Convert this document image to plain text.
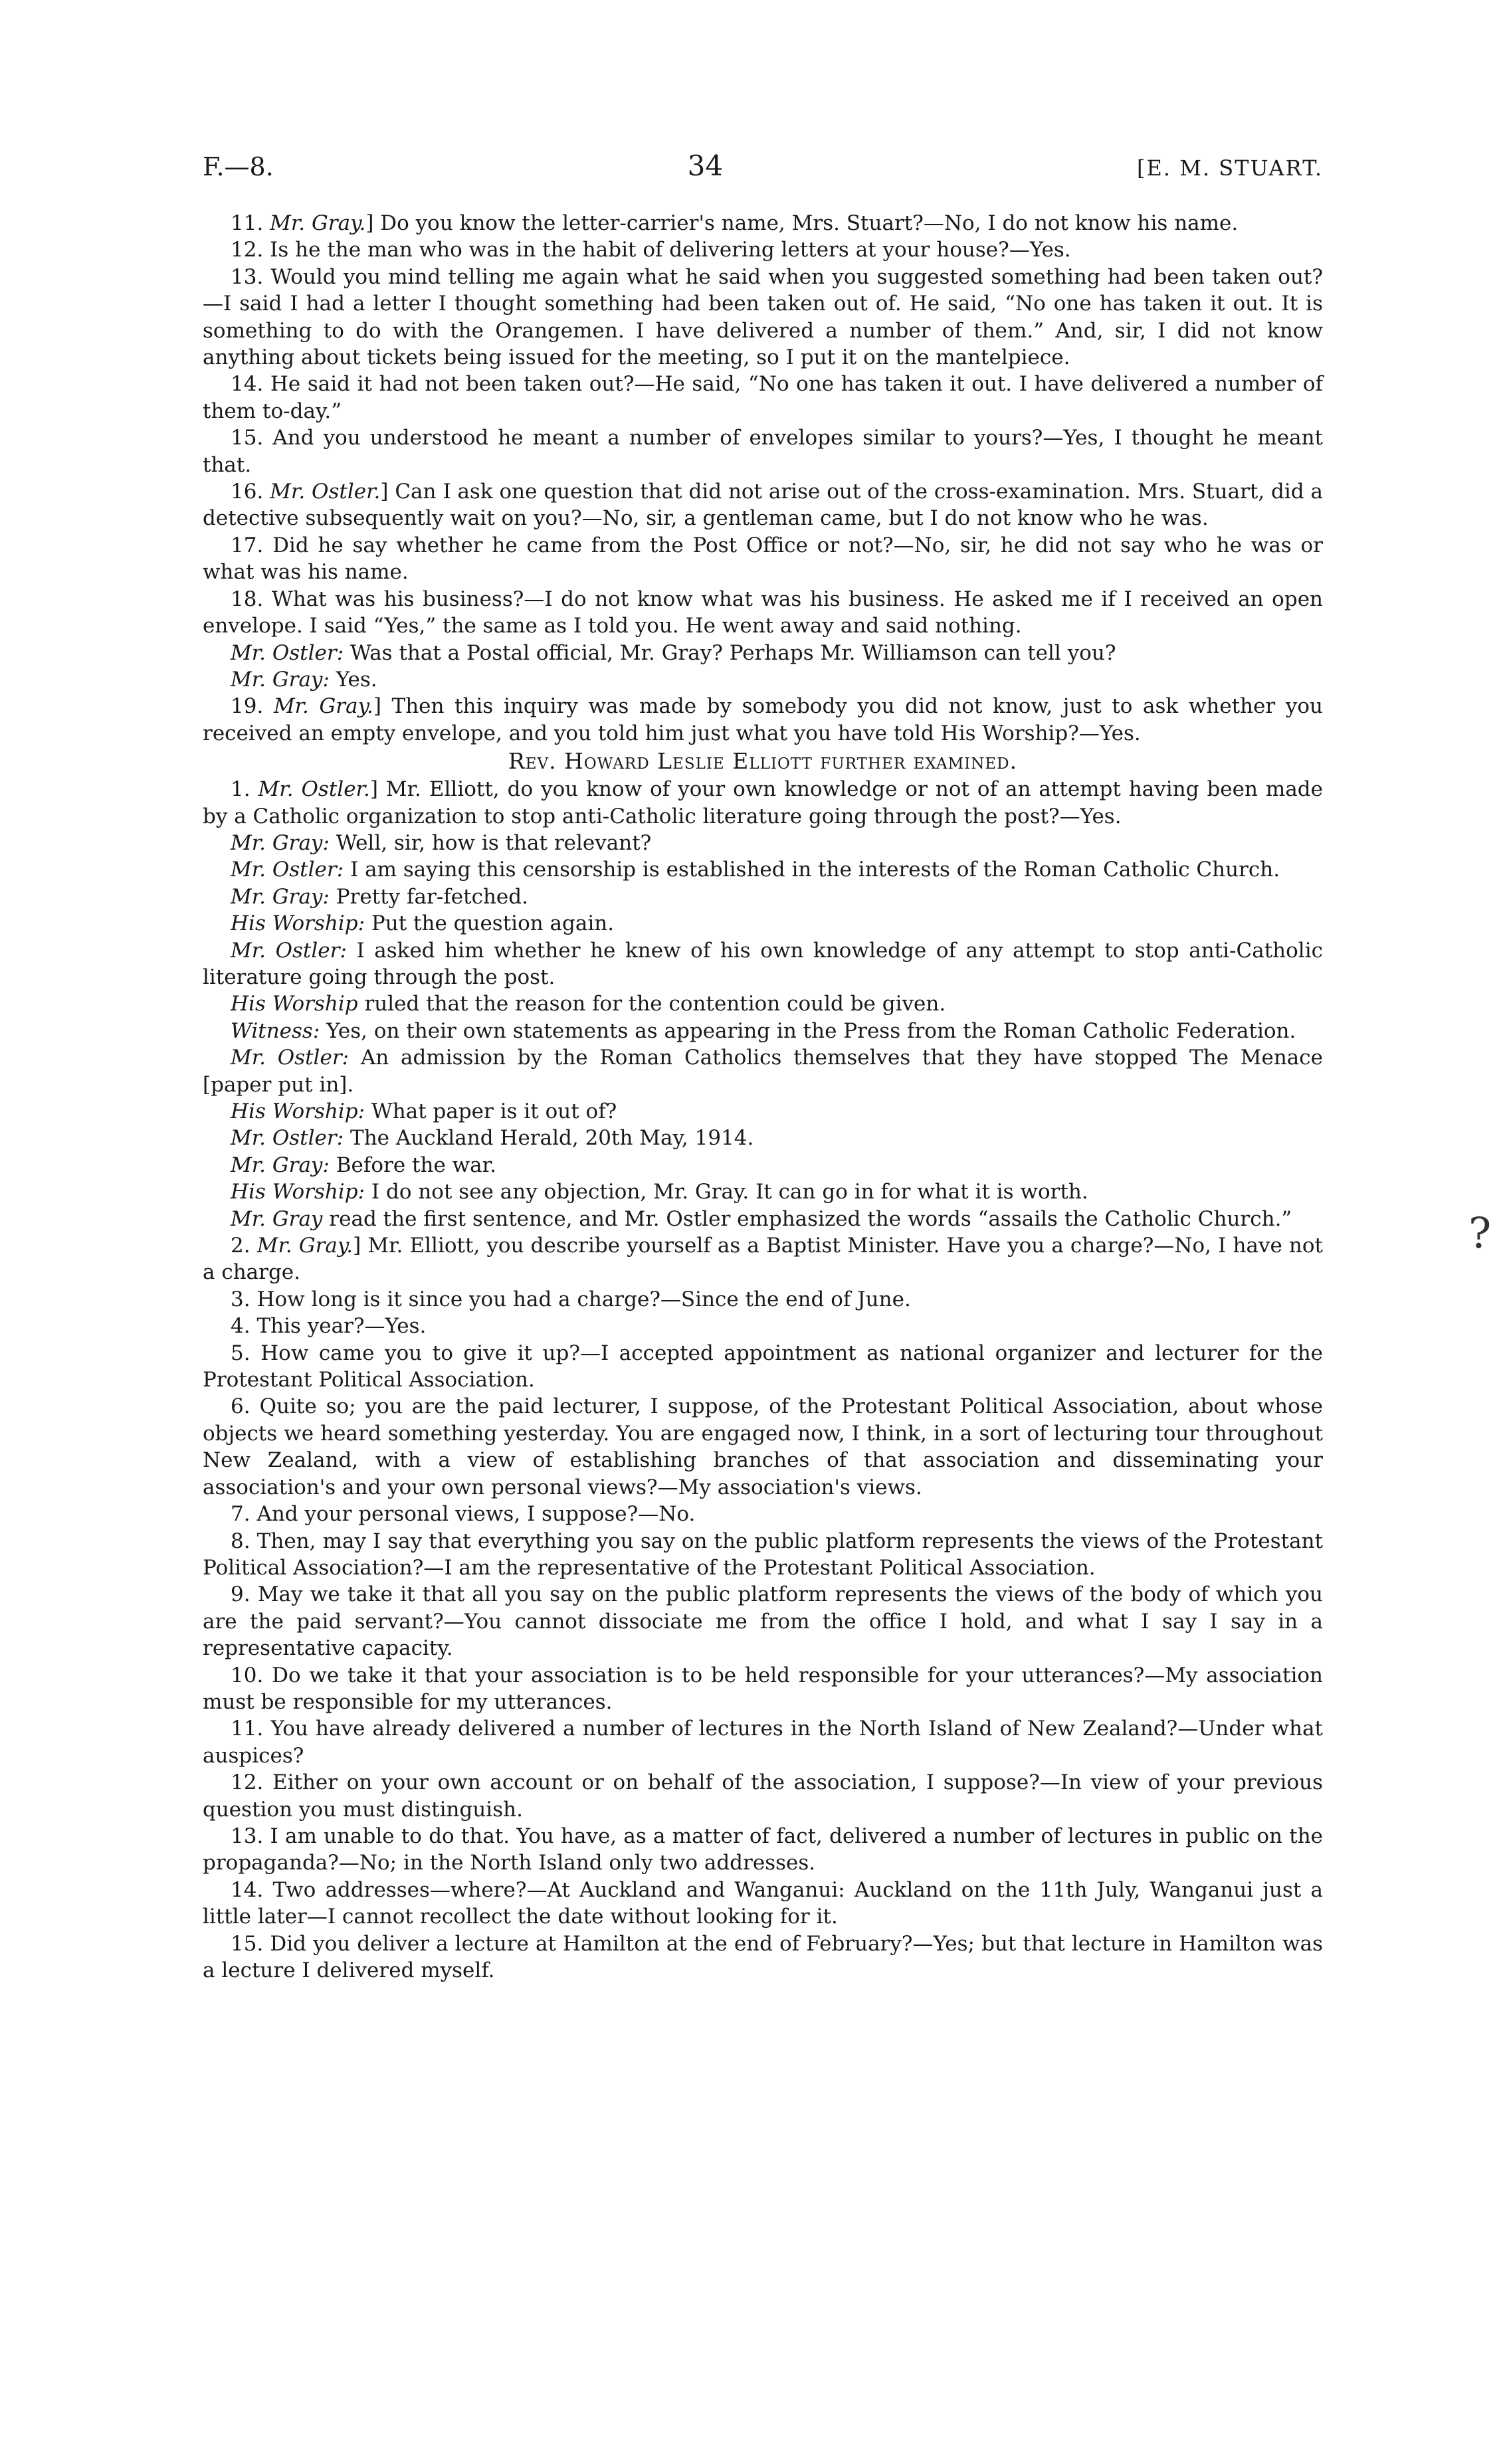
F.—8.	34	[E. M. STUART.

11. Mr. Gray.] Do you know the letter-carrier's name, Mrs. Stuart?—No, I do not know his name.

12. Is he the man who was in the habit of delivering letters at your house?—Yes.

13. Would you mind telling me again what he said when you suggested something had been taken out?—I said I had a letter I thought something had been taken out of. He said, “No one has taken it out. It is something to do with the Orangemen. I have delivered a number of them.” And, sir, I did not know anything about tickets being issued for the meeting, so I put it on the mantelpiece.

14. He said it had not been taken out?—He said, “No one has taken it out. I have delivered a number of them to-day.”

15. And you understood he meant a number of envelopes similar to yours?—Yes, I thought he meant that.

16. Mr. Ostler.] Can I ask one question that did not arise out of the cross-examination. Mrs. Stuart, did a detective subsequently wait on you?—No, sir, a gentleman came, but I do not know who he was.

17. Did he say whether he came from the Post Office or not?—No, sir, he did not say who he was or what was his name.

18. What was his business?—I do not know what was his business. He asked me if I received an open envelope. I said “Yes,” the same as I told you. He went away and said nothing.

Mr. Ostler: Was that a Postal official, Mr. Gray? Perhaps Mr. Williamson can tell you?

Mr. Gray: Yes.

19. Mr. Gray.] Then this inquiry was made by somebody you did not know, just to ask whether you received an empty envelope, and you told him just what you have told His Worship?—Yes.

Rev. Howard Leslie Elliott further examined.

1. Mr. Ostler.] Mr. Elliott, do you know of your own knowledge or not of an attempt having been made by a Catholic organization to stop anti-Catholic literature going through the post?—Yes.

Mr. Gray: Well, sir, how is that relevant?

Mr. Ostler: I am saying this censorship is established in the interests of the Roman Catholic Church.

Mr. Gray: Pretty far-fetched.

His Worship: Put the question again.

Mr. Ostler: I asked him whether he knew of his own knowledge of any attempt to stop anti-Catholic literature going through the post.

His Worship ruled that the reason for the contention could be given.

Witness: Yes, on their own statements as appearing in the Press from the Roman Catholic Federation.

Mr. Ostler: An admission by the Roman Catholics themselves that they have stopped The Menace [paper put in].

His Worship: What paper is it out of?

Mr. Ostler: The Auckland Herald, 20th May, 1914.

Mr. Gray: Before the war.

His Worship: I do not see any objection, Mr. Gray. It can go in for what it is worth.

Mr. Gray read the first sentence, and Mr. Ostler emphasized the words “assails the Catholic Church.”

2. Mr. Gray.] Mr. Elliott, you describe yourself as a Baptist Minister. Have you a charge?—No, I have not a charge.

3. How long is it since you had a charge?—Since the end of June.

4. This year?—Yes.

5. How came you to give it up?—I accepted appointment as national organizer and lecturer for the Protestant Political Association.

6. Quite so; you are the paid lecturer, I suppose, of the Protestant Political Association, about whose objects we heard something yesterday. You are engaged now, I think, in a sort of lecturing tour throughout New Zealand, with a view of establishing branches of that association and disseminating your association's and your own personal views?—My association's views.

7. And your personal views, I suppose?—No.

8. Then, may I say that everything you say on the public platform represents the views of the Protestant Political Association?—I am the representative of the Protestant Political Association.

9. May we take it that all you say on the public platform represents the views of the body of which you are the paid servant?—You cannot dissociate me from the office I hold, and what I say I say in a representative capacity.

10. Do we take it that your association is to be held responsible for your utterances?—My association must be responsible for my utterances.

11. You have already delivered a number of lectures in the North Island of New Zealand?—Under what auspices?

12. Either on your own account or on behalf of the association, I suppose?—In view of your previous question you must distinguish.

13. I am unable to do that. You have, as a matter of fact, delivered a number of lectures in public on the propaganda?—No; in the North Island only two addresses.

14. Two addresses—where?—At Auckland and Wanganui: Auckland on the 11th July, Wanganui just a little later—I cannot recollect the date without looking for it.

15. Did you deliver a lecture at Hamilton at the end of February?—Yes; but that lecture in Hamilton was a lecture I delivered myself.

?
